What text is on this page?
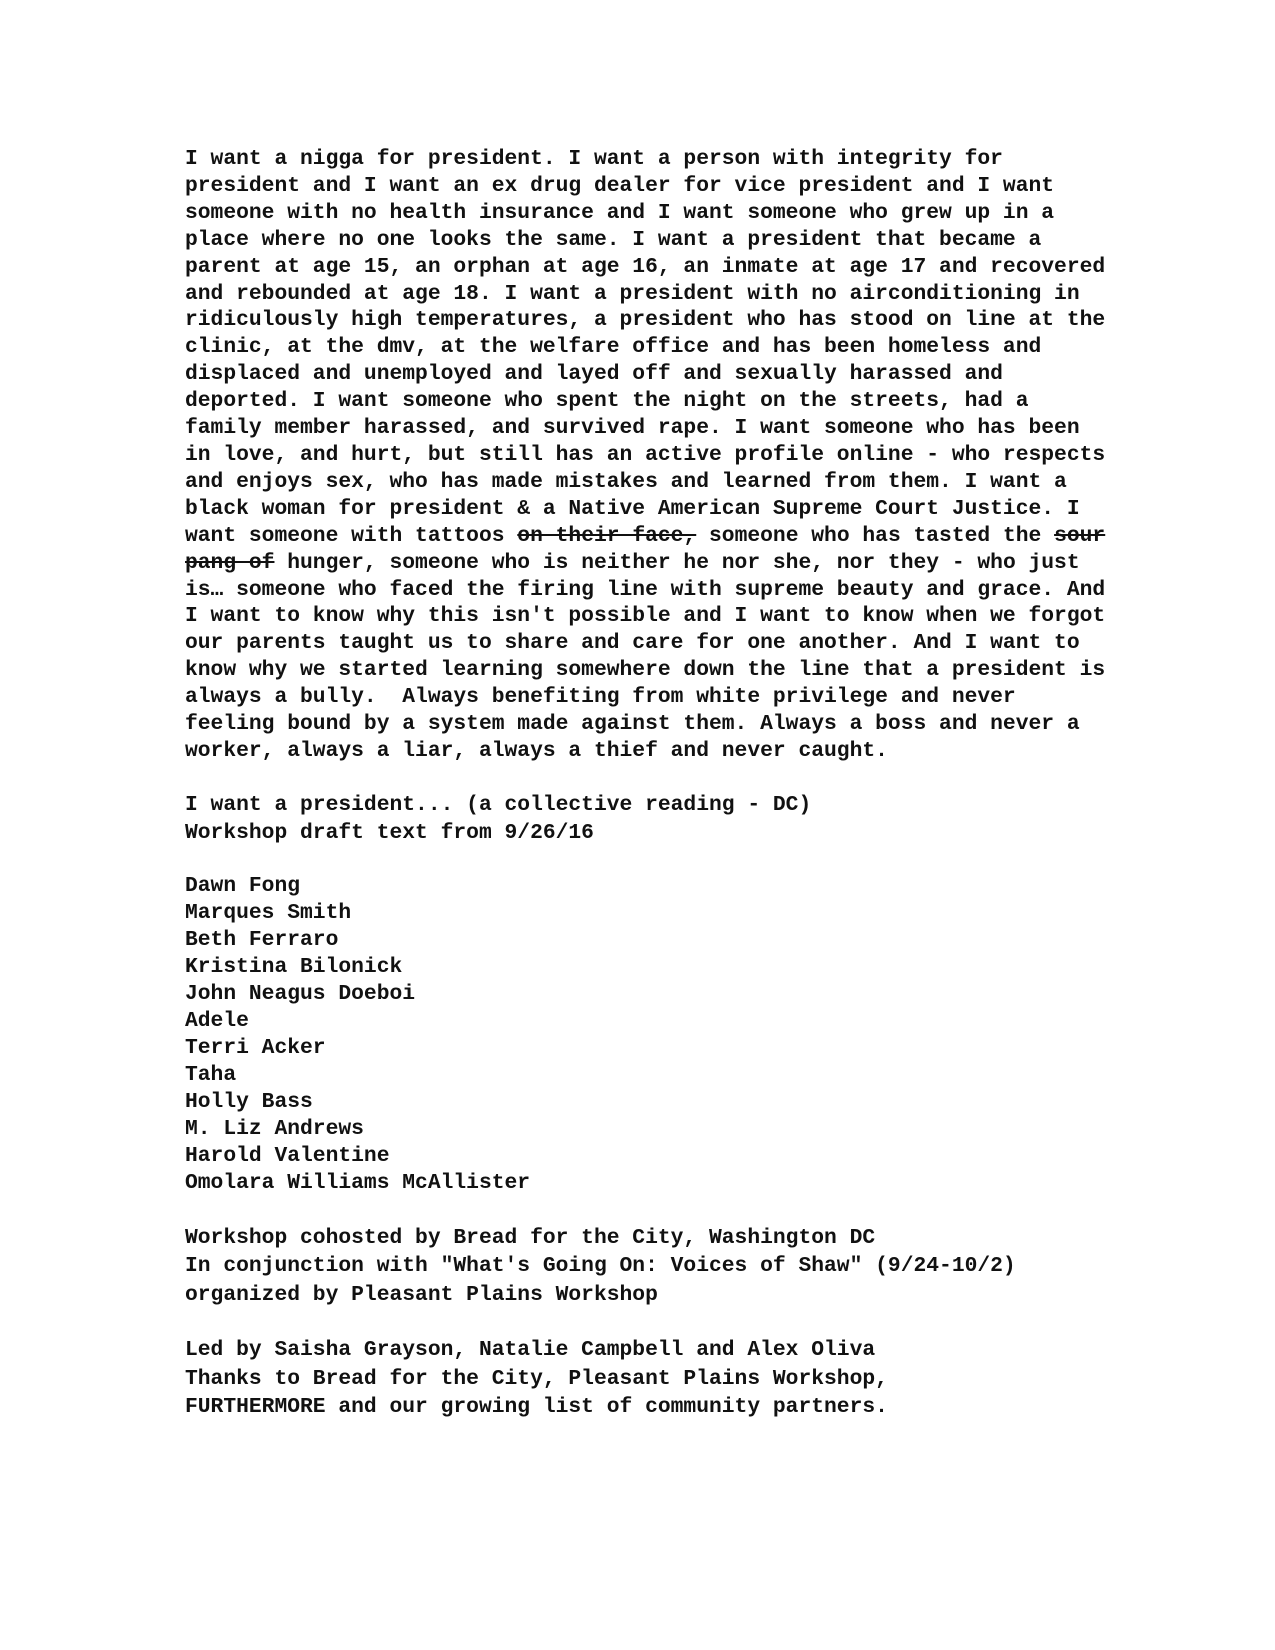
I want a nigga for president. I want a person with integrity for
president and I want an ex drug dealer for vice president and I want
someone with no health insurance and I want someone who grew up in a
place where no one looks the same. I want a president that became a
parent at age 15, an orphan at age 16, an inmate at age 17 and recovered
and rebounded at age 18. I want a president with no airconditioning in
ridiculously high temperatures, a president who has stood on line at the
clinic, at the dmv, at the welfare office and has been homeless and
displaced and unemployed and layed off and sexually harassed and
deported. I want someone who spent the night on the streets, had a
family member harassed, and survived rape. I want someone who has been
in love, and hurt, but still has an active profile online - who respects
and enjoys sex, who has made mistakes and learned from them. I want a
black woman for president & a Native American Supreme Court Justice. I
want someone with tattoos on their face, someone who has tasted the sour
pang of hunger, someone who is neither he nor she, nor they - who just
is… someone who faced the firing line with supreme beauty and grace. And
I want to know why this isn't possible and I want to know when we forgot
our parents taught us to share and care for one another. And I want to
know why we started learning somewhere down the line that a president is
always a bully.  Always benefiting from white privilege and never
feeling bound by a system made against them. Always a boss and never a
worker, always a liar, always a thief and never caught.
I want a president... (a collective reading - DC)
Workshop draft text from 9/26/16
Dawn Fong
Marques Smith
Beth Ferraro
Kristina Bilonick
John Neagus Doeboi
Adele
Terri Acker
Taha
Holly Bass
M. Liz Andrews
Harold Valentine
Omolara Williams McAllister
Workshop cohosted by Bread for the City, Washington DC
In conjunction with "What's Going On: Voices of Shaw" (9/24-10/2)
organized by Pleasant Plains Workshop
Led by Saisha Grayson, Natalie Campbell and Alex Oliva
Thanks to Bread for the City, Pleasant Plains Workshop,
FURTHERMORE and our growing list of community partners.
